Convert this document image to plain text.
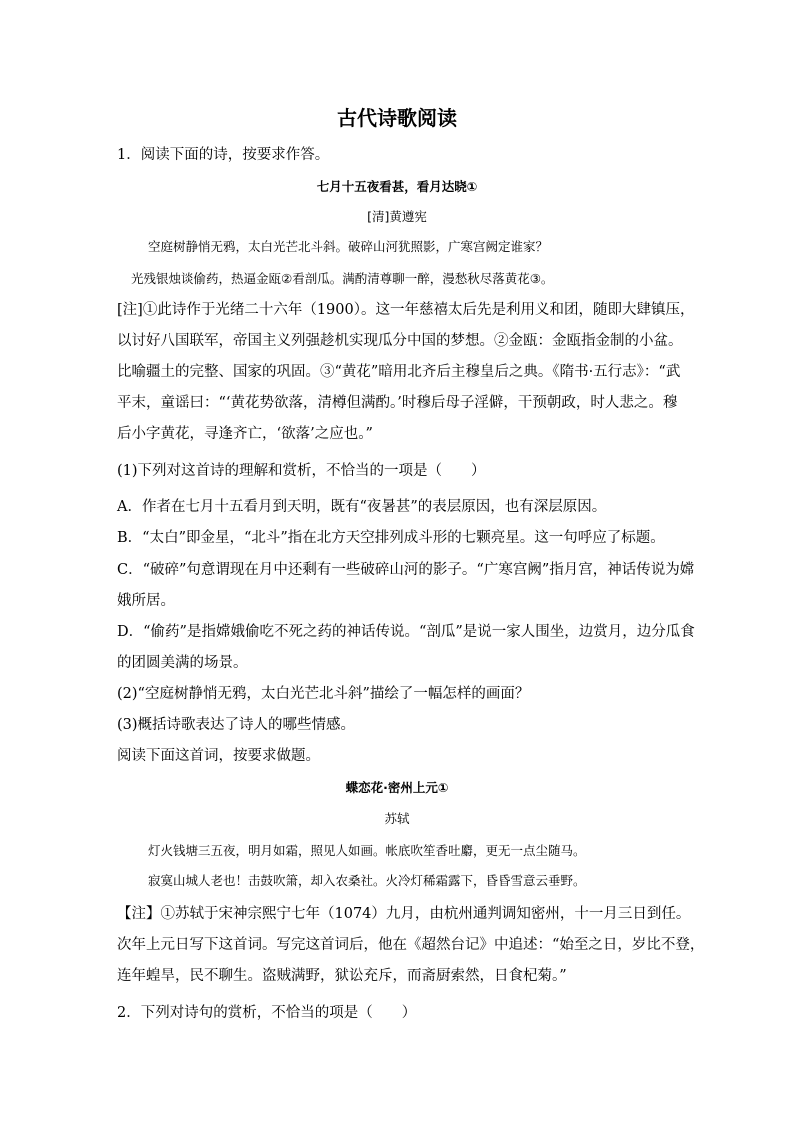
古代诗歌阅读
1．阅读下面的诗，按要求作答。
七月十五夜看甚，看月达晓①
[清]黄遵宪
空庭树静悄无鸦，太白光芒北斗斜。破碎山河犹照影，广寒宫阙定谁家？
光残银烛谈偷药，热逼金瓯②看剖瓜。满酌清尊聊一醉，漫愁秋尽落黄花③。
[注]①此诗作于光绪二十六年（1900）。这一年慈禧太后先是利用义和团，随即大肆镇压，
以讨好八国联军，帝国主义列强趁机实现瓜分中国的梦想。②金瓯：金瓯指金制的小盆。
比喻疆土的完整、国家的巩固。③“黄花”暗用北齐后主穆皇后之典。《隋书·五行志》：“武
平末，童谣曰：“‘黄花势欲落，清樽但满酌。’时穆后母子淫僻，干预朝政，时人悲之。穆
后小字黄花，寻逢齐亡，‘欲落’之应也。”
(1)下列对这首诗的理解和赏析，不恰当的一项是（　　）
A．作者在七月十五看月到天明，既有“夜暑甚”的表层原因，也有深层原因。
B．“太白”即金星，“北斗”指在北方天空排列成斗形的七颗亮星。这一句呼应了标题。
C．“破碎”句意谓现在月中还剩有一些破碎山河的影子。“广寒宫阙”指月宫，神话传说为嫦
娥所居。
D．“偷药”是指嫦娥偷吃不死之药的神话传说。“剖瓜”是说一家人围坐，边赏月，边分瓜食
的团圆美满的场景。
(2)“空庭树静悄无鸦，太白光芒北斗斜”描绘了一幅怎样的画面？
(3)概括诗歌表达了诗人的哪些情感。
阅读下面这首词，按要求做题。
蝶恋花·密州上元①
苏轼
灯火钱塘三五夜，明月如霜，照见人如画。帐底吹笙香吐麝，更无一点尘随马。
寂寞山城人老也！击鼓吹箫，却入农桑社。火冷灯稀霜露下，昏昏雪意云垂野。
【注】①苏轼于宋神宗熙宁七年（1074）九月，由杭州通判调知密州，十一月三日到任。
次年上元日写下这首词。写完这首词后，他在《超然台记》中追述：“始至之日，岁比不登，
连年蝗旱，民不聊生。盗贼满野，狱讼充斥，而斋厨索然，日食杞菊。”
2．下列对诗句的赏析，不恰当的项是（　　）
